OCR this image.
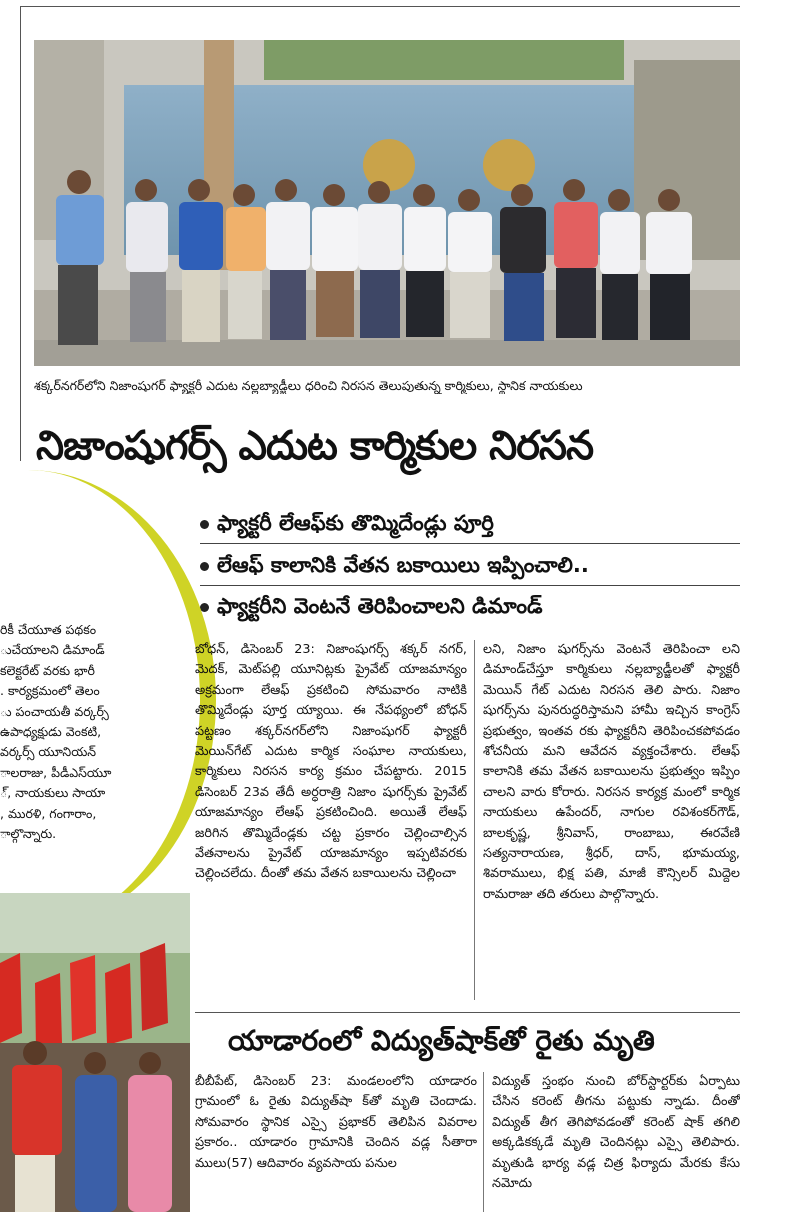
శక్కర్‌నగర్‌లోని నిజాంషుగర్ ఫ్యాక్టరీ ఎదుట నల్లబ్యాడ్జీలు ధరించి నిరసన తెలుపుతున్న కార్మికులు, స్థానిక నాయకులు
నిజాంషుగర్స్ ఎదుట కార్మికుల నిరసన
ఫ్యాక్టరీ లేఆఫ్‌కు తొమ్మిదేండ్లు పూర్తి
లేఆఫ్ కాలానికి వేతన బకాయిలు ఇప్పించాలి..
ఫ్యాక్టరీని వెంటనే తెరిపించాలని డిమాండ్
రికీ చేయూత పథకం
ుచేయాలని డిమాండ్
కలెక్టరేట్ వరకు భారీ
. కార్యక్రమంలో తెలం
ు పంచాయతీ వర్కర్స్
ఉపాధ్యక్షుడు వెంకటి,
వర్కర్స్ యూనియన్
ాలరాజు, పీడీఎస్‌యూ
్, నాయకులు సాయా
, మురళి, గంగారాం,
ాల్గొన్నారు.

బోధన్, డిసెంబర్ 23: నిజాంషుగర్స్ శక్కర్ నగర్, మెదక్, మెట్‌పల్లి యూనిట్లకు ప్రైవేట్ యాజమాన్యం అక్రమంగా లేఆఫ్ ప్రకటించి సోమవారం నాటికి తొమ్మిదేండ్లు పూర్త య్యాయి. ఈ నేపథ్యంలో బోధన్ పట్టణం శక్కర్‌నగర్‌లోని నిజాంషుగర్ ఫ్యాక్టరీ మెయిన్‌గేట్ ఎదుట కార్మిక సంఘాల నాయకులు, కార్మికులు నిరసన కార్య క్రమం చేపట్టారు. 2015 డిసెంబర్ 23వ తేదీ అర్ధరాత్రి నిజాం షుగర్స్‌కు ప్రైవేట్ యాజమాన్యం లేఆఫ్ ప్రకటించింది. అయితే లేఆఫ్ జరిగిన తొమ్మిదేండ్లకు చట్ట ప్రకారం చెల్లించాల్సిన వేతనాలను ప్రైవేట్ యాజమాన్యం ఇప్పటివరకు చెల్లించలేదు. దీంతో తమ వేతన బకాయిలను చెల్లించా

లని, నిజాం షుగర్స్‌ను వెంటనే తెరిపించా లని డిమాండ్‌చేస్తూ కార్మికులు నల్లబ్యాడ్జీలతో ఫ్యాక్టరీ మెయిన్ గేట్ ఎదుట నిరసన తెలి పారు. నిజాం షుగర్స్‌ను పునరుద్ధరిస్తామని హామీ ఇచ్చిన కాంగ్రెస్ ప్రభుత్వం, ఇంతవ రకు ఫ్యాక్టరీని తెరిపించకపోవడం శోచనీయ మని ఆవేదన వ్యక్తంచేశారు. లేఆఫ్ కాలానికి తమ వేతన బకాయిలను ప్రభుత్వం ఇప్పిం చాలని వారు కోరారు. నిరసన కార్యక్ర మంలో కార్మిక నాయకులు ఉపేందర్, నాగుల రవిశంకర్‌గౌడ్, బాలకృష్ణ, శ్రీనివాస్, రాంబాబు, ఈరవేణి సత్యనారాయణ, శ్రీధర్, దాస్, భూమయ్య, శివరాములు, భిక్ష పతి, మాజీ కౌన్సిలర్ మిద్దెల రామరాజు తది తరులు పాల్గొన్నారు.

యాడారంలో విద్యుత్‌షాక్‌తో రైతు మృతి

బీబీపేట్, డిసెంబర్ 23: మండలంలోని యాడారం గ్రామంలో ఓ రైతు విద్యుత్‌షా క్‌తో మృతి చెందాడు. సోమవారం స్థానిక ఎస్సై ప్రభాకర్ తెలిపిన వివరాల ప్రకారం.. యాడారం గ్రామానికి చెందిన వడ్ల సీతారా ములు(57) ఆదివారం వ్యవసాయ పనుల

విద్యుత్ స్తంభం నుంచి బోర్‌స్టార్టర్‌కు ఏర్పాటు చేసిన కరెంట్ తీగను పట్టుకు న్నాడు. దీంతో విద్యుత్ తీగ తెగిపోవడంతో కరెంట్ షాక్ తగిలి అక్కడికక్కడే మృతి చెందినట్లు ఎస్సై తెలిపారు. మృతుడి భార్య వడ్ల చిత్ర ఫిర్యాదు మేరకు కేసు నమోదు
